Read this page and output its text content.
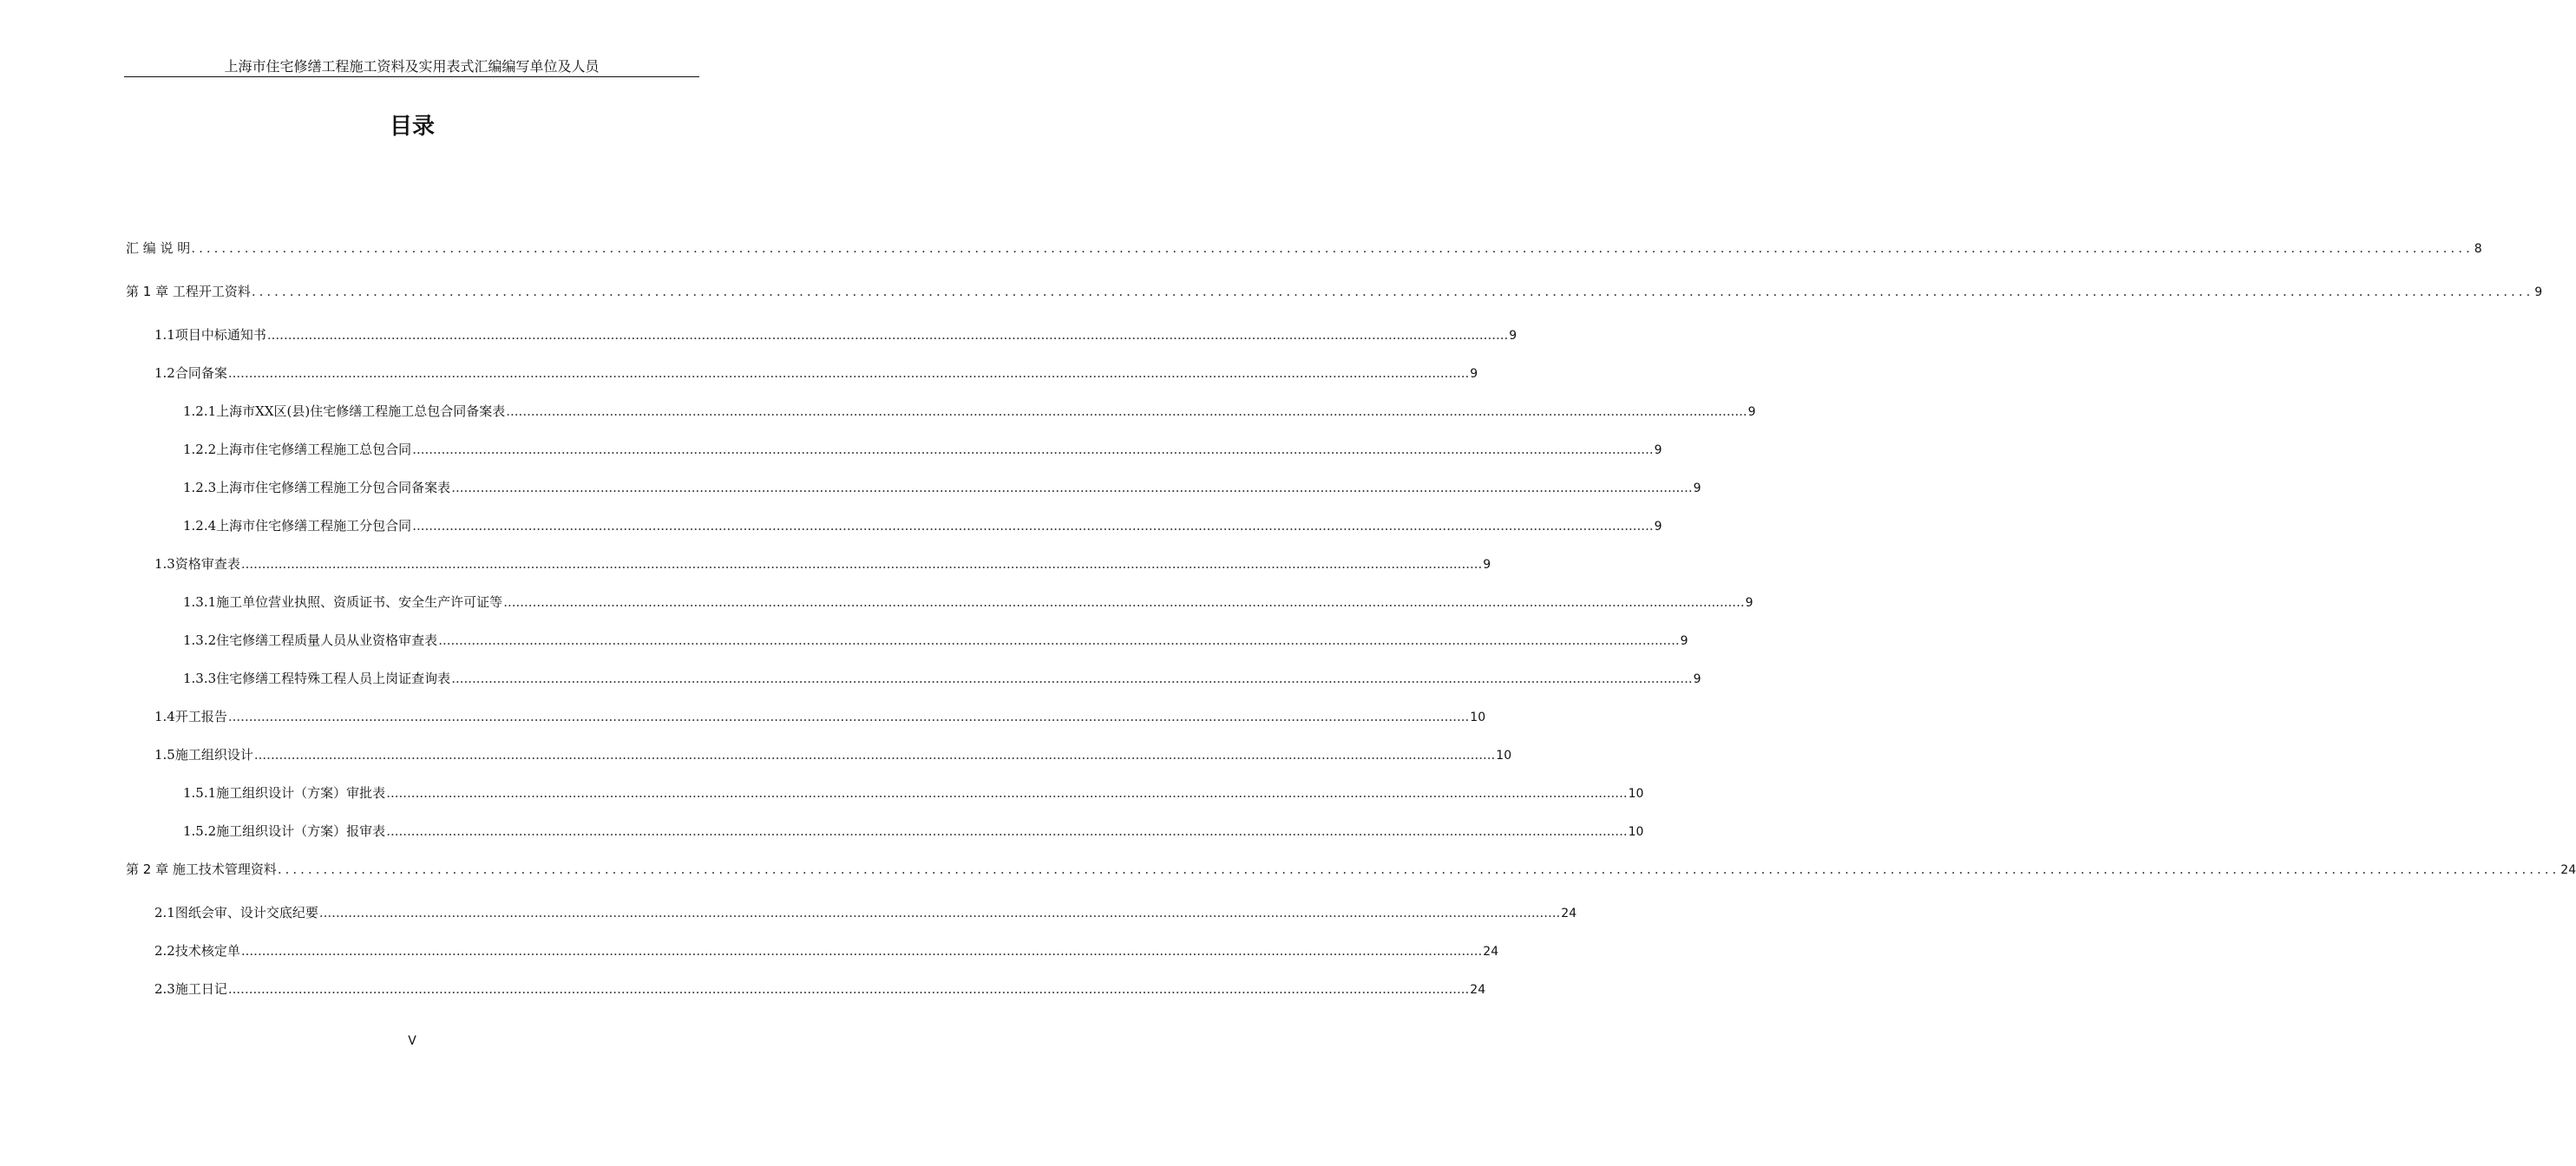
上海市住宅修缮工程施工资料及实用表式汇编编写单位及人员
目录
汇 编 说 明 ............................................................................................................................................................................................................................................................................................................ 8
第 1 章 工程开工资料 ............................................................................................................................................................................................................................................................................................................ 9
1.1 项目中标通知书 ............................................................................................................................................................................................................................................................................................................ 9
1.2 合同备案 ............................................................................................................................................................................................................................................................................................................ 9
1.2.1 上海市XX区(县)住宅修缮工程施工总包合同备案表 ............................................................................................................................................................................................................................................................................................................ 9
1.2.2 上海市住宅修缮工程施工总包合同 ............................................................................................................................................................................................................................................................................................................ 9
1.2.3 上海市住宅修缮工程施工分包合同备案表 ............................................................................................................................................................................................................................................................................................................ 9
1.2.4 上海市住宅修缮工程施工分包合同 ............................................................................................................................................................................................................................................................................................................ 9
1.3 资格审查表 ............................................................................................................................................................................................................................................................................................................ 9
1.3.1 施工单位营业执照、资质证书、安全生产许可证等 ............................................................................................................................................................................................................................................................................................................ 9
1.3.2 住宅修缮工程质量人员从业资格审查表 ............................................................................................................................................................................................................................................................................................................ 9
1.3.3 住宅修缮工程特殊工程人员上岗证查询表 ............................................................................................................................................................................................................................................................................................................ 9
1.4 开工报告 ............................................................................................................................................................................................................................................................................................................ 10
1.5 施工组织设计 ............................................................................................................................................................................................................................................................................................................ 10
1.5.1 施工组织设计（方案）审批表 ............................................................................................................................................................................................................................................................................................................ 10
1.5.2 施工组织设计（方案）报审表 ............................................................................................................................................................................................................................................................................................................ 10
第 2 章 施工技术管理资料 ............................................................................................................................................................................................................................................................................................................ 24
2.1 图纸会审、设计交底纪要 ............................................................................................................................................................................................................................................................................................................ 24
2.2 技术核定单 ............................................................................................................................................................................................................................................................................................................ 24
2.3 施工日记 ............................................................................................................................................................................................................................................................................................................ 24
V
